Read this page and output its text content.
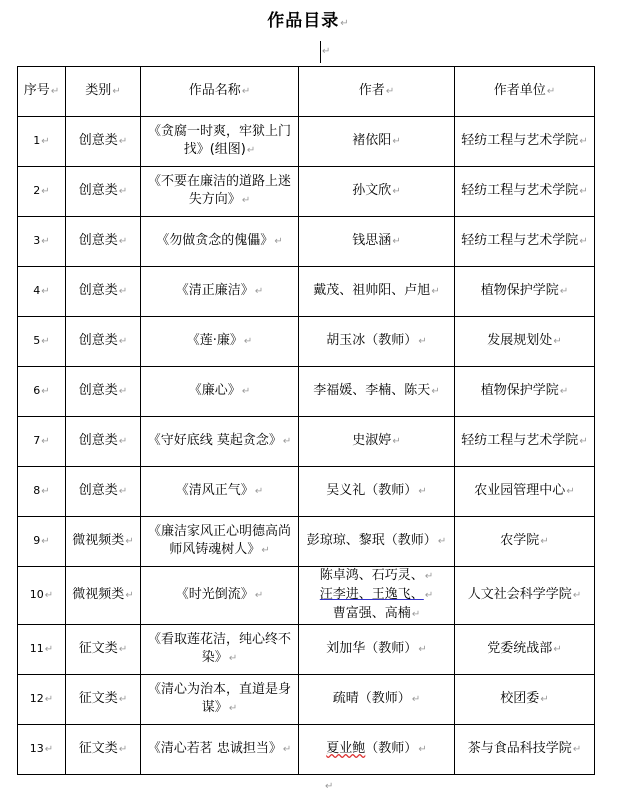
作品目录↵
↵
序号↵	类别↵	作品名称↵	作者↵	作者单位↵
1↵	创意类↵	《贪腐一时爽，牢狱上门找》(组图)↵	褚依阳↵	轻纺工程与艺术学院↵
2↵	创意类↵	《不要在廉洁的道路上迷失方向》↵	孙文欣↵	轻纺工程与艺术学院↵
3↵	创意类↵	《勿做贪念的傀儡》↵	钱思涵↵	轻纺工程与艺术学院↵
4↵	创意类↵	《清正廉洁》↵	戴茂、祖帅阳、卢旭↵	植物保护学院↵
5↵	创意类↵	《莲·廉》↵	胡玉冰（教师）↵	发展规划处↵
6↵	创意类↵	《廉心》↵	李福媛、李楠、陈天↵	植物保护学院↵
7↵	创意类↵	《守好底线 莫起贪念》↵	史淑婷↵	轻纺工程与艺术学院↵
8↵	创意类↵	《清风正气》↵	吴义礼（教师）↵	农业园管理中心↵
9↵	微视频类↵	《廉洁家风正心明德高尚师风铸魂树人》↵	彭琼琼、黎珉（教师）↵	农学院↵
10↵	微视频类↵	《时光倒流》↵	陈卓鸿、石巧灵、↵
汪李进、王逸飞、↵
曹富强、高楠↵	人文社会科学学院↵
11↵	征文类↵	《看取莲花洁，纯心终不染》↵	刘加华（教师）↵	党委统战部↵
12↵	征文类↵	《清心为治本，直道是身谋》↵	疏晴（教师）↵	校团委↵
13↵	征文类↵	《清心若茗 忠诚担当》↵	夏业鲍（教师）↵	茶与食品科技学院↵
↵
